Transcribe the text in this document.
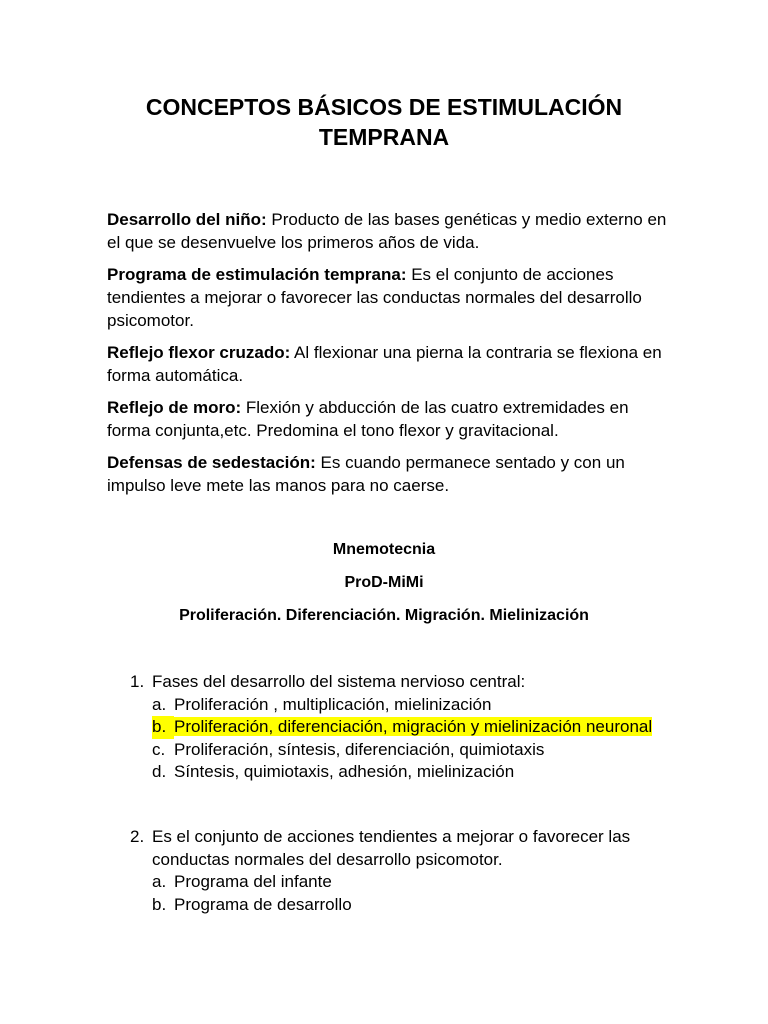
CONCEPTOS BÁSICOS DE ESTIMULACIÓN
TEMPRANA

Desarrollo del niño: Producto de las bases genéticas y medio externo en el que se desenvuelve los primeros años de vida.

Programa de estimulación temprana: Es el conjunto de acciones tendientes a mejorar o favorecer las conductas normales del desarrollo psicomotor.

Reflejo flexor cruzado: Al flexionar una pierna la contraria se flexiona en forma automática.

Reflejo de moro: Flexión y abducción de las cuatro extremidades en forma conjunta,etc. Predomina el tono flexor y gravitacional.

Defensas de sedestación: Es cuando permanece sentado y con un impulso leve mete las manos para no caerse.

Mnemotecnia

ProD-MiMi

Proliferación. Diferenciación. Migración. Mielinización

1. Fases del desarrollo del sistema nervioso central:
a. Proliferación , multiplicación, mielinización
b. Proliferación, diferenciación, migración y mielinización neuronal
c. Proliferación, síntesis, diferenciación, quimiotaxis
d. Síntesis, quimiotaxis, adhesión, mielinización
2. Es el conjunto de acciones tendientes a mejorar o favorecer las conductas normales del desarrollo psicomotor.
a. Programa del infante
b. Programa de desarrollo
